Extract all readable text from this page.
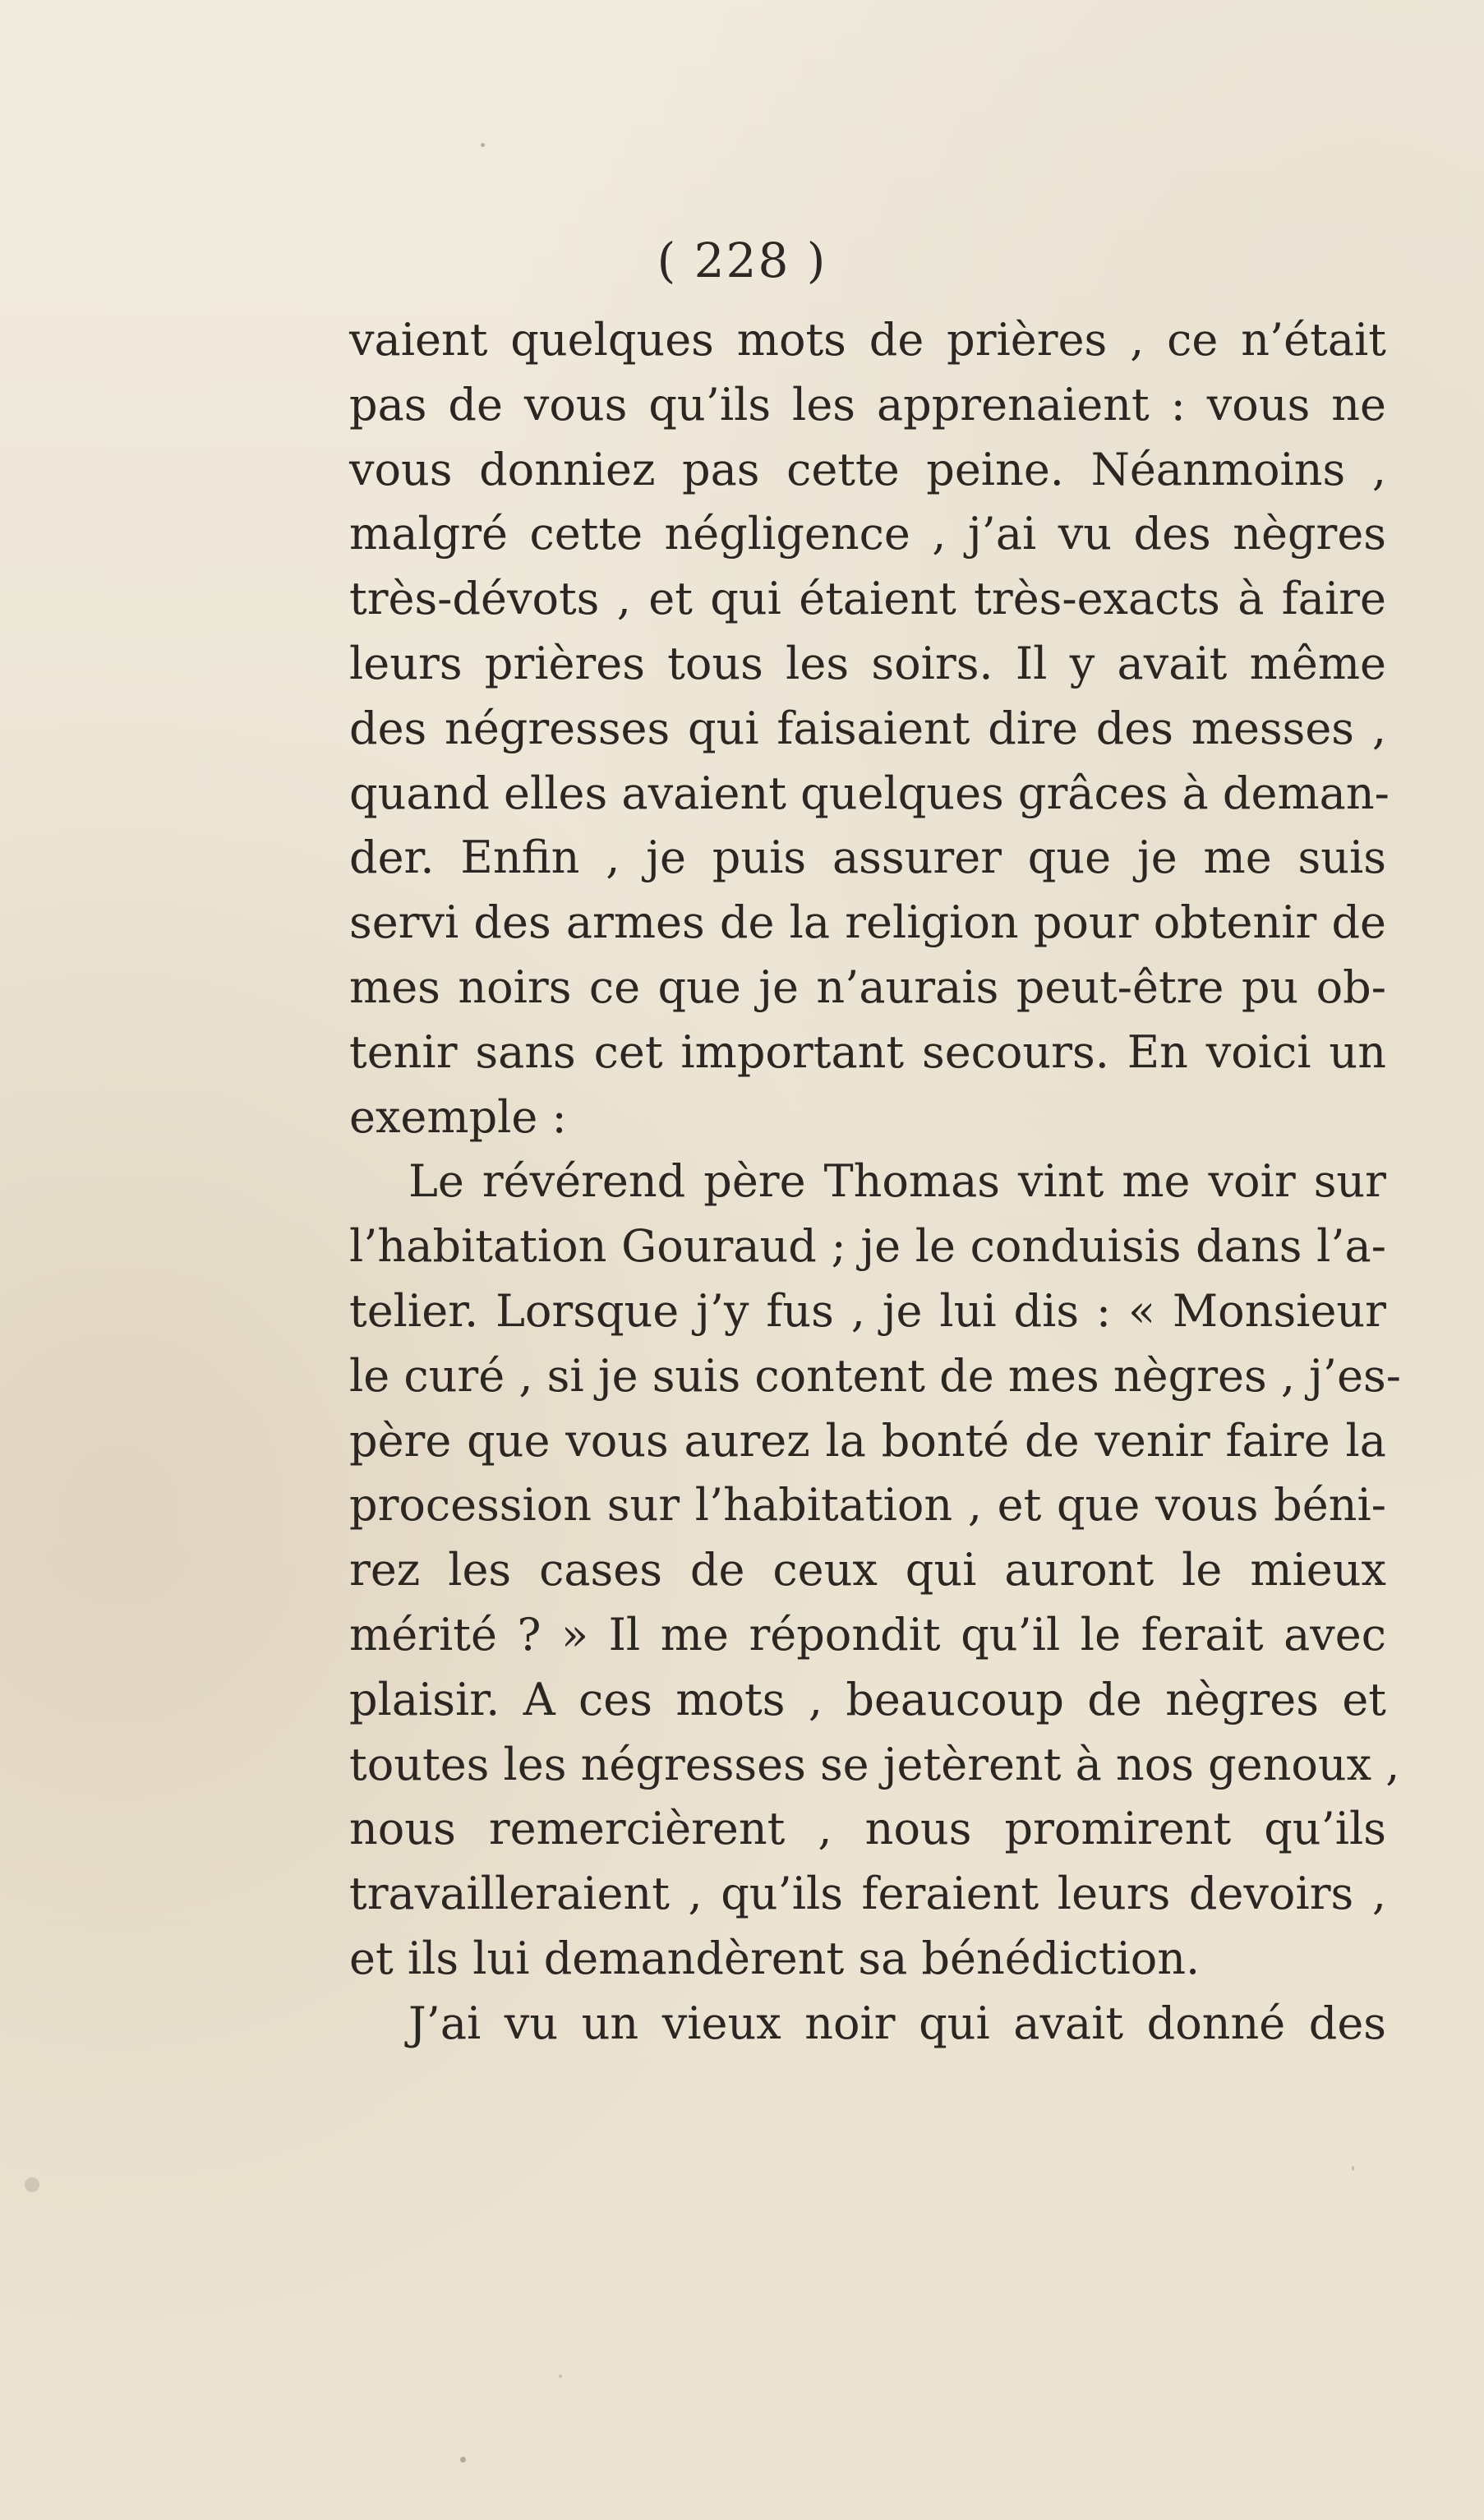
( 228 )
vaient quelques mots de prières , ce n’était
pas de vous qu’ils les apprenaient : vous ne
vous donniez pas cette peine. Néanmoins ,
malgré cette négligence , j’ai vu des nègres
très-dévots , et qui étaient très-exacts à faire
leurs prières tous les soirs. Il y avait même
des négresses qui faisaient dire des messes ,
quand elles avaient quelques grâces à deman-
der. Enfin , je puis assurer que je me suis
servi des armes de la religion pour obtenir de
mes noirs ce que je n’aurais peut-être pu ob-
tenir sans cet important secours. En voici un
exemple :
Le révérend père Thomas vint me voir sur
l’habitation Gouraud ; je le conduisis dans l’a-
telier. Lorsque j’y fus , je lui dis : « Monsieur
le curé , si je suis content de mes nègres , j’es-
père que vous aurez la bonté de venir faire la
procession sur l’habitation , et que vous béni-
rez les cases de ceux qui auront le mieux
mérité ? » Il me répondit qu’il le ferait avec
plaisir. A ces mots , beaucoup de nègres et
toutes les négresses se jetèrent à nos genoux ,
nous remercièrent , nous promirent qu’ils
travailleraient , qu’ils feraient leurs devoirs ,
et ils lui demandèrent sa bénédiction.
J’ai vu un vieux noir qui avait donné des
